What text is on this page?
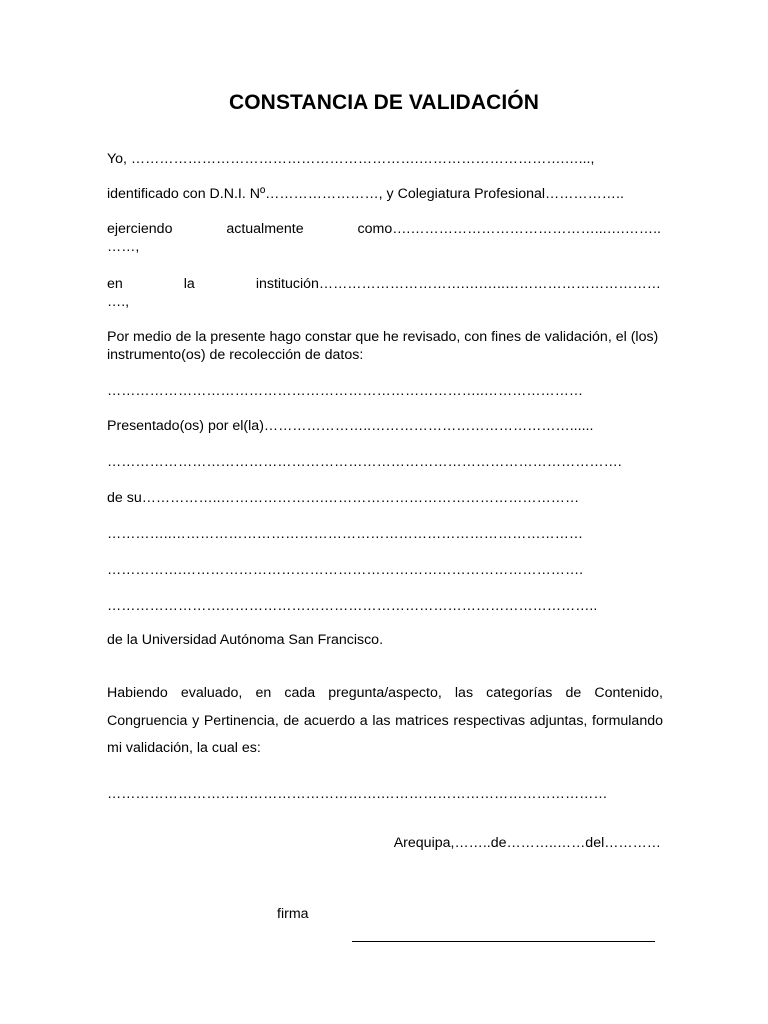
CONSTANCIA DE VALIDACIÓN
Yo, …………………………………………………….………………………….…...,
identificado con D.N.I. Nº……………………, y Colegiatura Profesional……………..
ejerciendo actualmente como….…………………………………...….……..
……,
en la institución………………………….….…..……………………………
….,
Por medio de la presente hago constar que he revisado, con fines de validación, el (los) instrumento(os) de recolección de datos:
……………………………………………………………………..…………………
Presentado(os) por el(la)…………………..……………………………………......
……………………………………………………………………………………………….
de su……………..………………….………………………………………………
…………..……………………………………………………………………………
…………….………………………………………………………………………….
…………………………………………………………………………………………..
de la Universidad Autónoma San Francisco.
Habiendo evaluado, en cada pregunta/aspecto, las categorías de Contenido, Congruencia y Pertinencia, de acuerdo a las matrices respectivas adjuntas, formulando mi validación, la cual es:
………………………………………………….…………………………………………
Arequipa,……..de………..……del…………
firma
